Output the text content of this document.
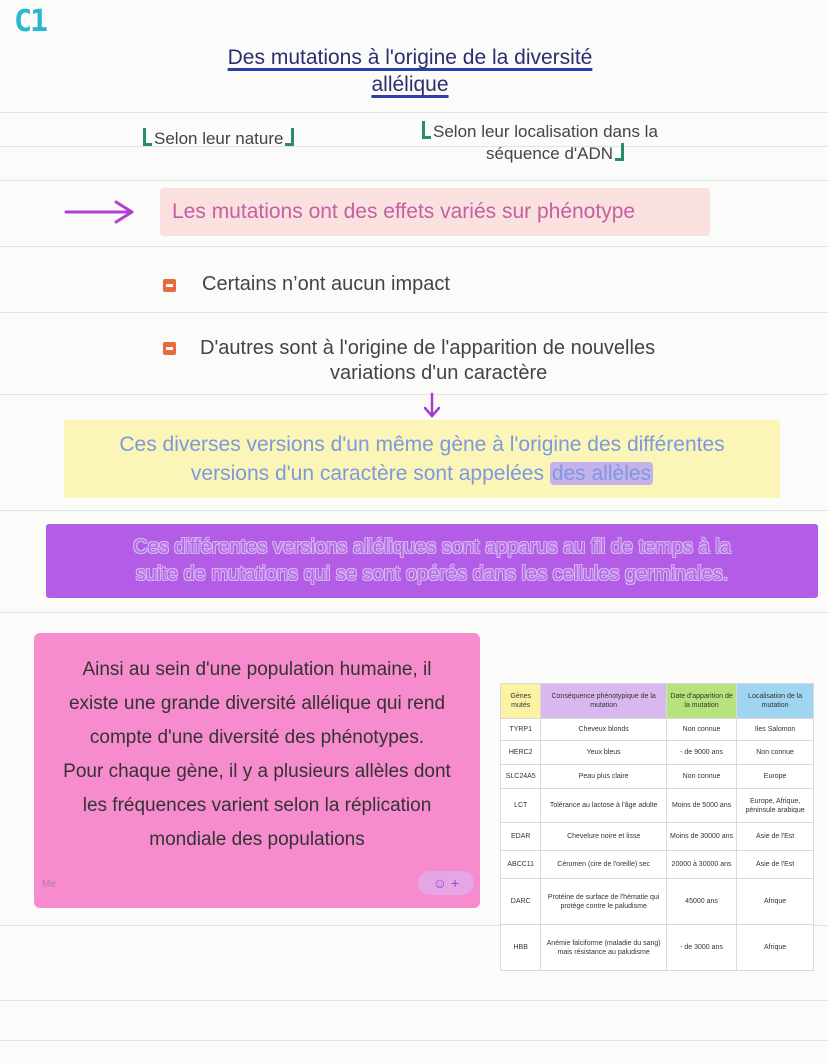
C1
Des mutations à l'origine de la diversité
allélique
Selon leur nature	Selon leur localisation dans la
séquence d'ADN
Les mutations ont des effets variés sur phénotype
Certains n’ont aucun impact
D'autres sont à l'origine de l'apparition de nouvelles
variations d'un caractère
Ces diverses versions d'un même gène à l'origine des différentes
versions d'un caractère sont appelées des allèles
Ces différentes versions alléliques sont apparus au fil de temps à la
suite de mutations qui se sont opérés dans les cellules germinales.
Ainsi au sein d'une population humaine, il
existe une grande diversité allélique qui rend
compte d'une diversité des phénotypes.
Pour chaque gène, il y a plusieurs allèles dont
les fréquences varient selon la réplication
mondiale des populations
☺ +
Me
Gènes mutés	Conséquence phénotypique de la mutation	Date d'apparition de la mutation	Localisation de la mutation
TYRP1	Cheveux blonds	Non connue	Iles Salomon
HERC2	Yeux bleus	- de 9000 ans	Non connue
SLC24A5	Peau plus claire	Non connue	Europe
LCT	Tolérance au lactose à l'âge adulte	Moins de 5000 ans	Europe, Afrique, péninsule arabique
EDAR	Chevelure noire et lisse	Moins de 30000 ans	Asie de l'Est
ABCC11	Cérumen (cire de l'oreille) sec	20000 à 30000 ans	Asie de l'Est
DARC	Protéine de surface de l'hématie qui protège contre le paludisme	45000 ans	Afrique
HBB	Anémie falciforme (maladie du sang) mais résistance au paludisme	- de 3000 ans	Afrique
